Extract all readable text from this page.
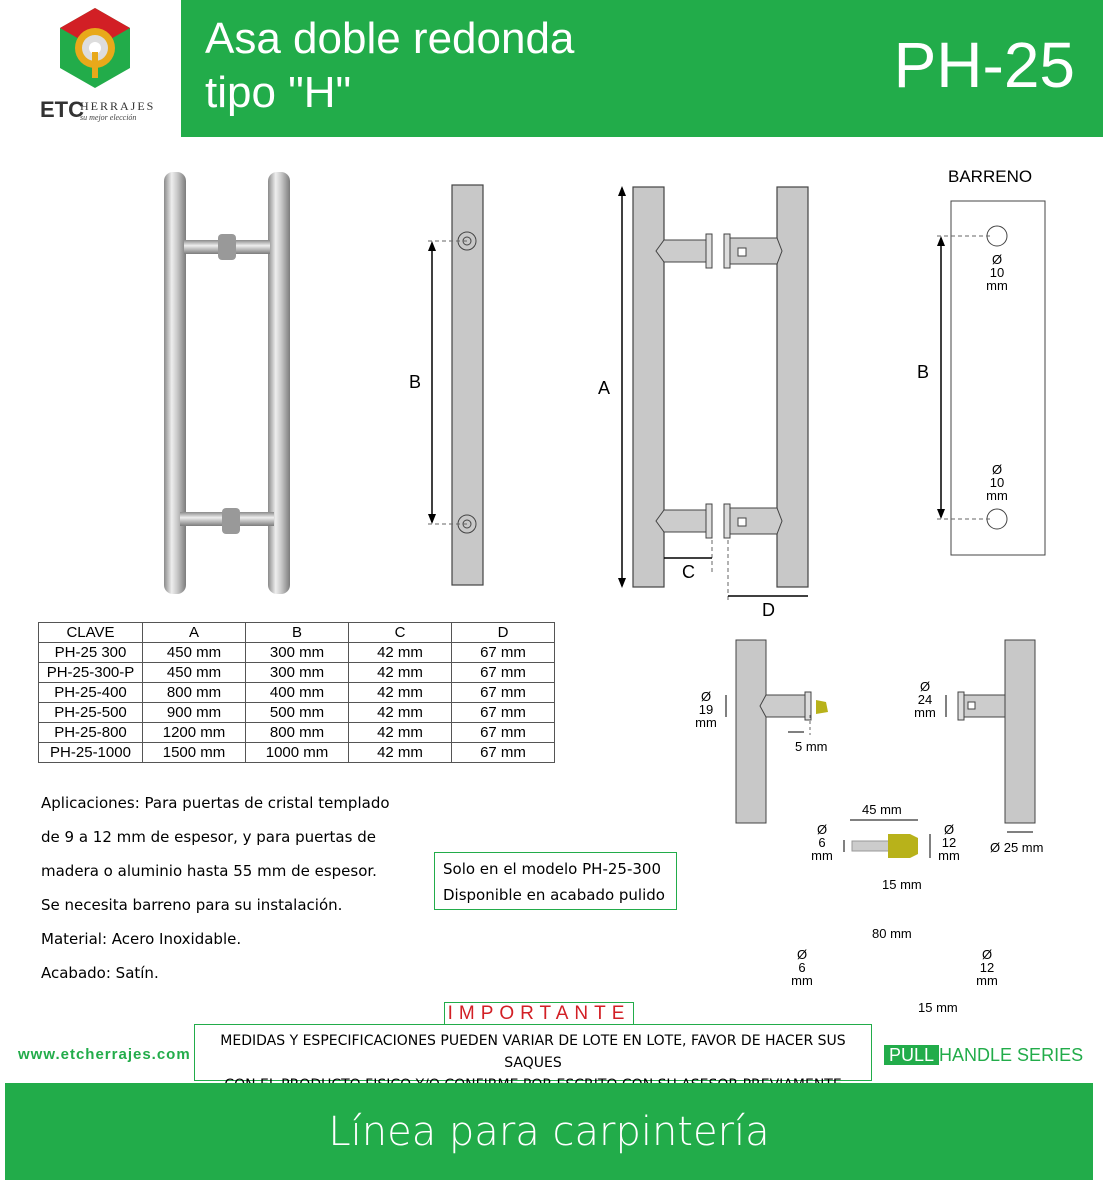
ETC
HERRAJES
su mejor elección
Asa doble redonda
tipo "H"	PH-25
B	A
C
D
B
BARRENO
Ø
10
mm
Ø
10
mm
Ø
19
mm
5 mm
Ø
24
mm
Ø 25 mm
45 mm
Ø
6
mm
Ø
12
mm
15 mm
80 mm
Ø
6
mm
Ø
12
mm
15 mm
CLAVE	A	B	C	D
PH-25 300	450 mm	300 mm	42 mm	67 mm
PH-25-300-P	450 mm	300 mm	42 mm	67 mm
PH-25-400	800 mm	400 mm	42 mm	67 mm
PH-25-500	900 mm	500 mm	42 mm	67 mm
PH-25-800	1200 mm	800 mm	42 mm	67 mm
PH-25-1000	1500 mm	1000 mm	42 mm	67 mm
Aplicaciones: Para puertas de cristal templado
de 9 a 12 mm de espesor, y para puertas de
madera o aluminio hasta 55 mm de espesor.
Se necesita barreno para su instalación.
Material: Acero Inoxidable.
Acabado: Satín.
Solo en el modelo PH-25-300
Disponible en acabado pulido
MEDIDAS Y ESPECIFICACIONES PUEDEN VARIAR DE LOTE EN LOTE, FAVOR DE HACER SUS SAQUES
IMPORTANTE
www.etcherrajes.com	PULL HANDLE SERIES
Línea para carpintería
